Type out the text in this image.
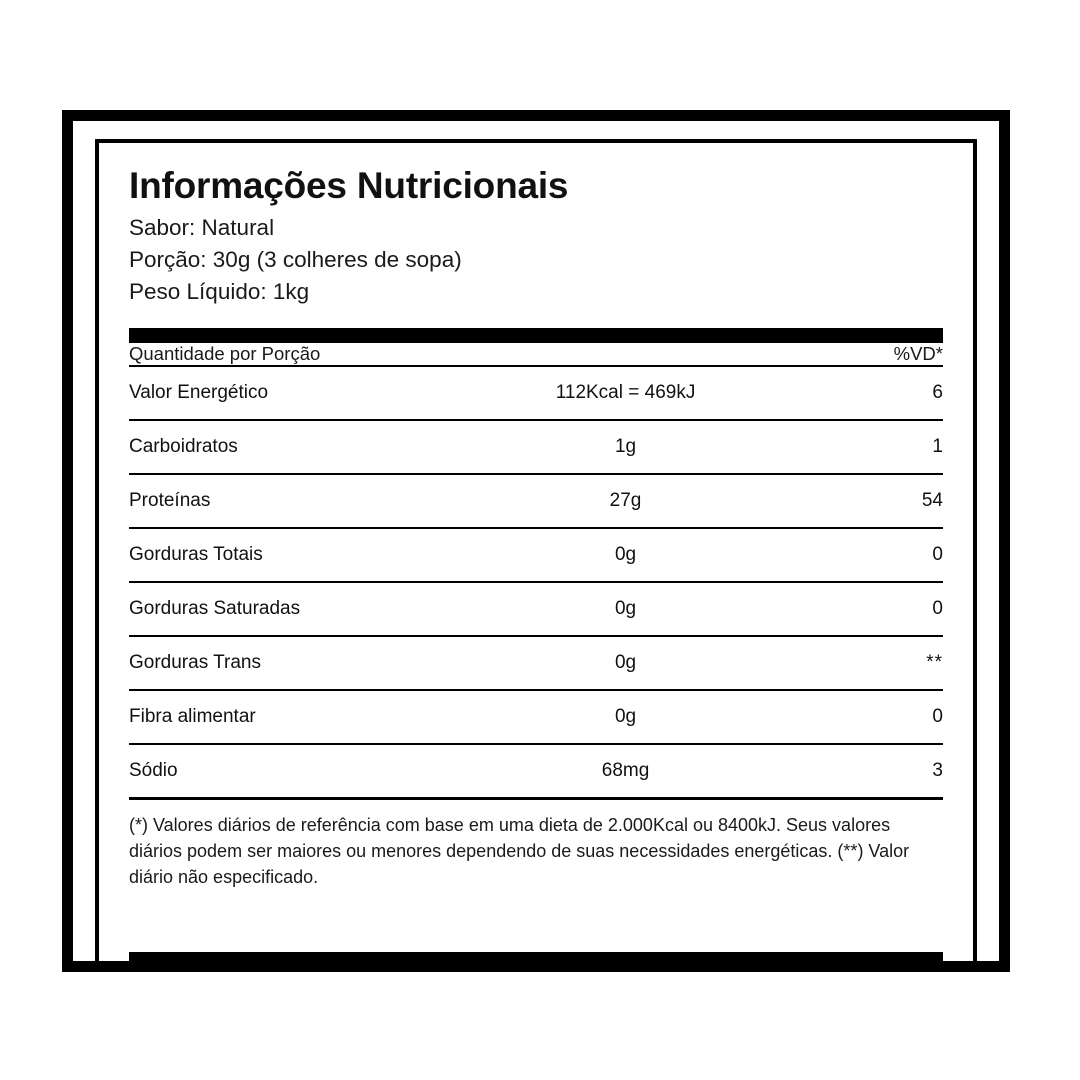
Informações Nutricionais

Sabor: Natural

Porção: 30g (3 colheres de sopa)

Peso Líquido: 1kg

Quantidade por Porção		%VD*
Valor Energético	112Kcal = 469kJ	6
Carboidratos	1g	1
Proteínas	27g	54
Gorduras Totais	0g	0
Gorduras Saturadas	0g	0
Gorduras Trans	0g	**
Fibra alimentar	0g	0
Sódio	68mg	3

(*) Valores diários de referência com base em uma dieta de 2.000Kcal ou 8400kJ. Seus valores diários podem ser maiores ou menores dependendo de suas necessidades energéticas. (**) Valor diário não especificado.
